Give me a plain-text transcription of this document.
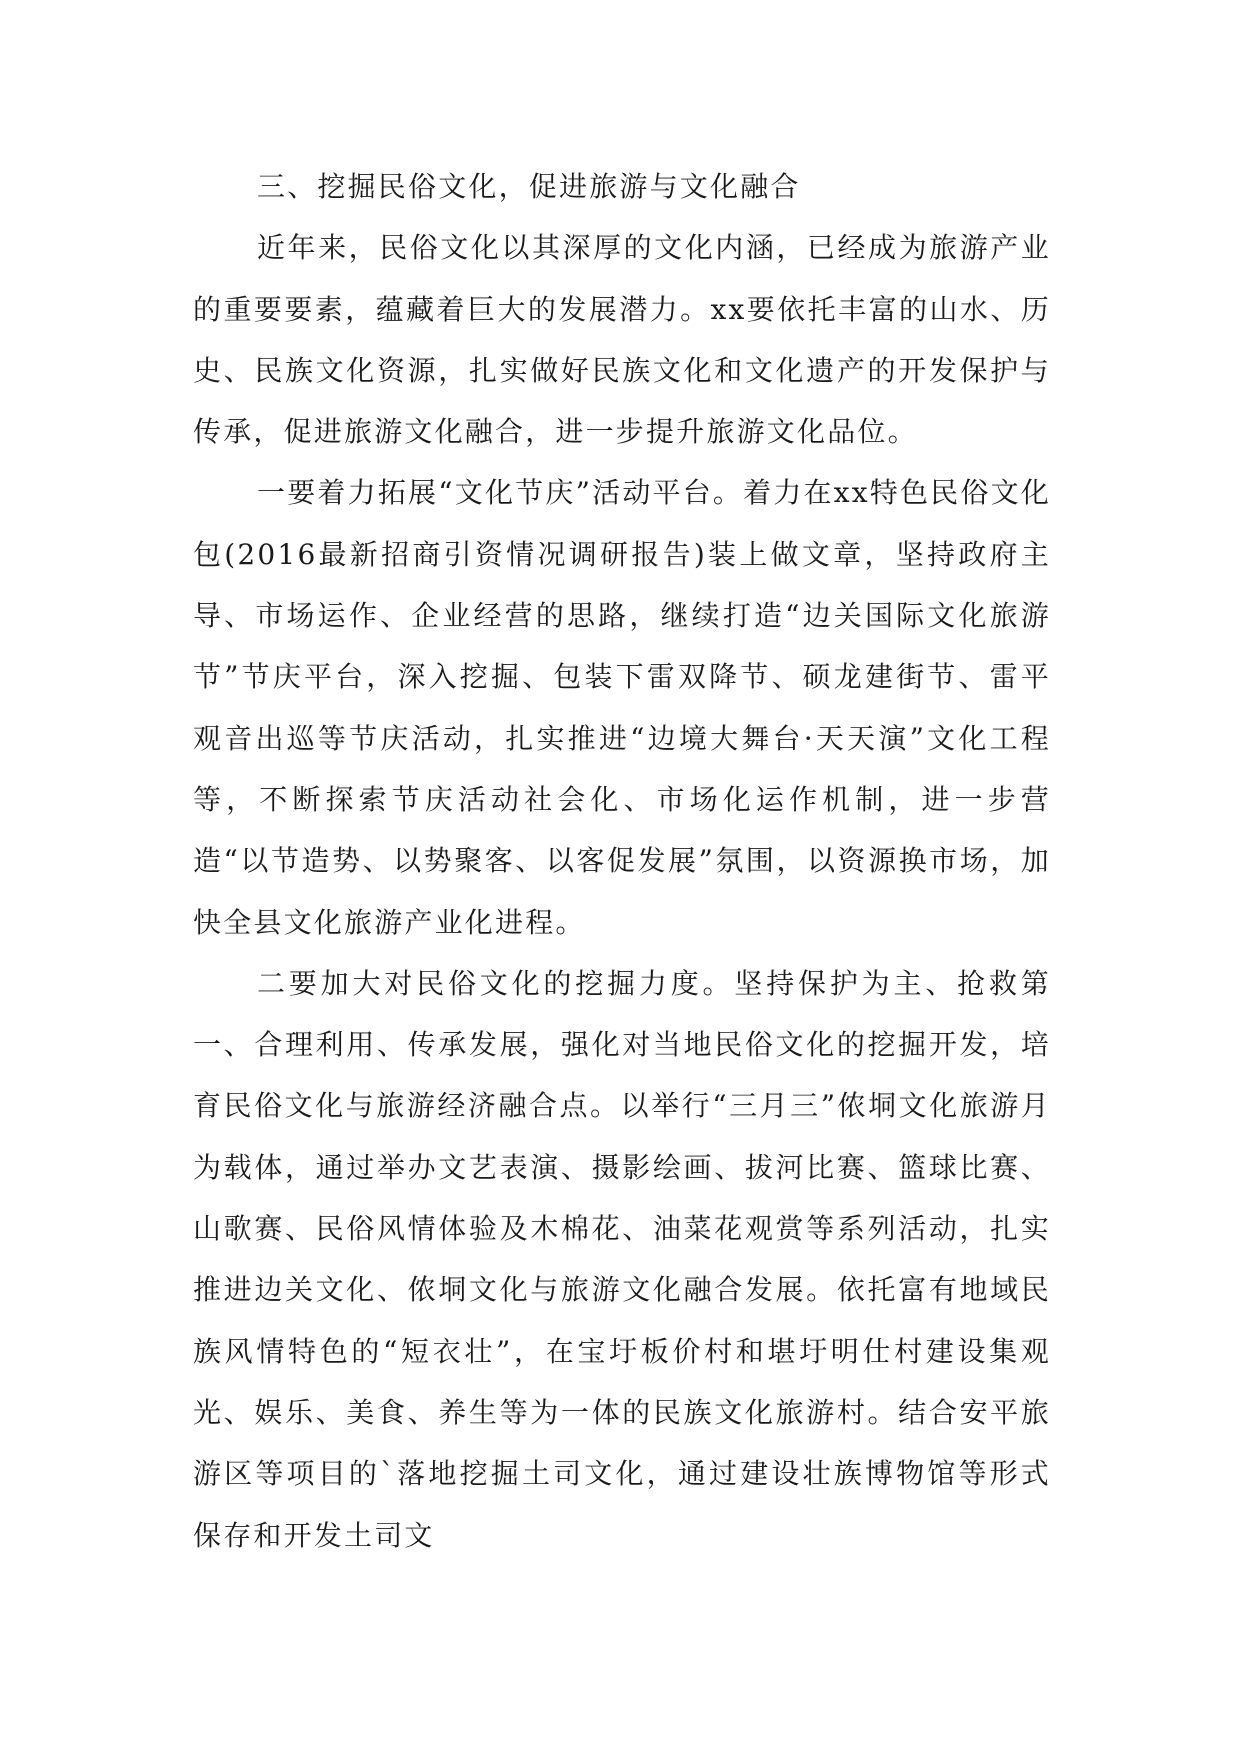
三、挖掘民俗文化，促进旅游与文化融合

近年来，民俗文化以其深厚的文化内涵，已经成为旅游产业的重要要素，蕴藏着巨大的发展潜力。xx要依托丰富的山水、历史、民族文化资源，扎实做好民族文化和文化遗产的开发保护与传承，促进旅游文化融合，进一步提升旅游文化品位。

一要着力拓展“文化节庆”活动平台。着力在xx特色民俗文化包(2016最新招商引资情况调研报告)装上做文章，坚持政府主导、市场运作、企业经营的思路，继续打造“边关国际文化旅游节”节庆平台，深入挖掘、包装下雷双降节、硕龙建街节、雷平观音出巡等节庆活动，扎实推进“边境大舞台·天天演”文化工程等，不断探索节庆活动社会化、市场化运作机制，进一步营造“以节造势、以势聚客、以客促发展”氛围，以资源换市场，加快全县文化旅游产业化进程。

二要加大对民俗文化的挖掘力度。坚持保护为主、抢救第一、合理利用、传承发展，强化对当地民俗文化的挖掘开发，培育民俗文化与旅游经济融合点。以举行“三月三”侬垌文化旅游月为载体，通过举办文艺表演、摄影绘画、拔河比赛、篮球比赛、山歌赛、民俗风情体验及木棉花、油菜花观赏等系列活动，扎实推进边关文化、侬垌文化与旅游文化融合发展。依托富有地域民族风情特色的“短衣壮”，在宝圩板价村和堪圩明仕村建设集观光、娱乐、美食、养生等为一体的民族文化旅游村。结合安平旅游区等项目的`落地挖掘土司文化，通过建设壮族博物馆等形式保存和开发土司文
